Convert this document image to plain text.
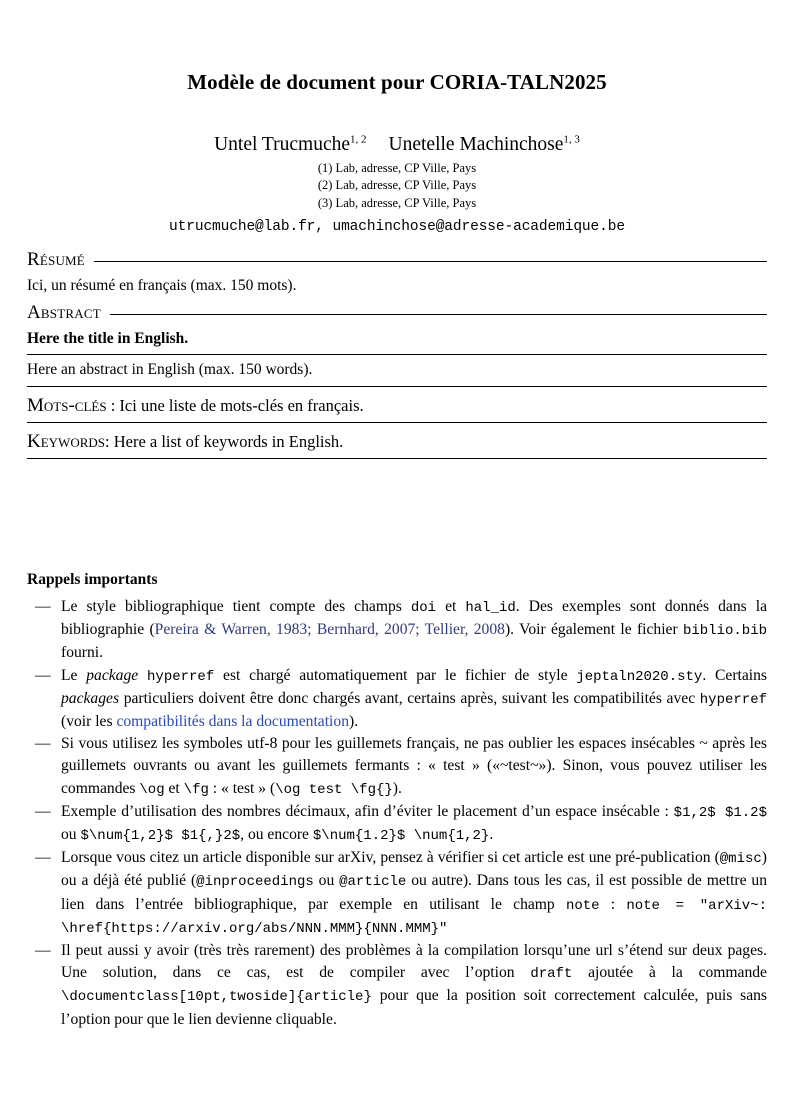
Modèle de document pour CORIA-TALN2025
Untel Trucmuche$^{1, 2}$ Unetelle Machinchose$^{1, 3}$
(1) Lab, adresse, CP Ville, Pays
(2) Lab, adresse, CP Ville, Pays
(3) Lab, adresse, CP Ville, Pays
utrucmuche@lab.fr, umachinchose@adresse-academique.be
Résumé
Ici, un résumé en français (max. 150 mots).
Abstract
Here the title in English.
Here an abstract in English (max. 150 words).
Mots-clés : Ici une liste de mots-clés en français.
Keywords: Here a list of keywords in English.
Rappels importants
— Le style bibliographique tient compte des champs doi et hal_id. Des exemples sont donnés dans la bibliographie (Pereira & Warren, 1983; Bernhard, 2007; Tellier, 2008). Voir également le fichier biblio.bib fourni.
— Le package hyperref est chargé automatiquement par le fichier de style jeptaln2020.sty. Certains packages particuliers doivent être donc chargés avant, certains après, suivant les compatibilités avec hyperref (voir les compatibilités dans la documentation).
— Si vous utilisez les symboles utf-8 pour les guillemets français, ne pas oublier les espaces insécables ~ après les guillemets ouvrants ou avant les guillemets fermants : « test » («~test~»). Sinon, vous pouvez utiliser les commandes \og et \fg : « test » (\og test \fg{}).
— Exemple d’utilisation des nombres décimaux, afin d’éviter le placement d’un espace insécable : $1,2$ $1.2$ ou $\num{1,2}$ $1{,}2$, ou encore $\num{1.2}$ \num{1,2}.
— Lorsque vous citez un article disponible sur arXiv, pensez à vérifier si cet article est une pré-publication (@misc) ou a déjà été publié (@inproceedings ou @article ou autre). Dans tous les cas, il est possible de mettre un lien dans l’entrée bibliographique, par exemple en utilisant le champ note : note = "arXiv~: \href{https://arxiv.org/abs/NNN.MMM}{NNN.MMM}"
— Il peut aussi y avoir (très très rarement) des problèmes à la compilation lorsqu’une url s’étend sur deux pages. Une solution, dans ce cas, est de compiler avec l’option draft ajoutée à la commande \documentclass[10pt,twoside]{article} pour que la position soit correctement calculée, puis sans l’option pour que le lien devienne cliquable.
